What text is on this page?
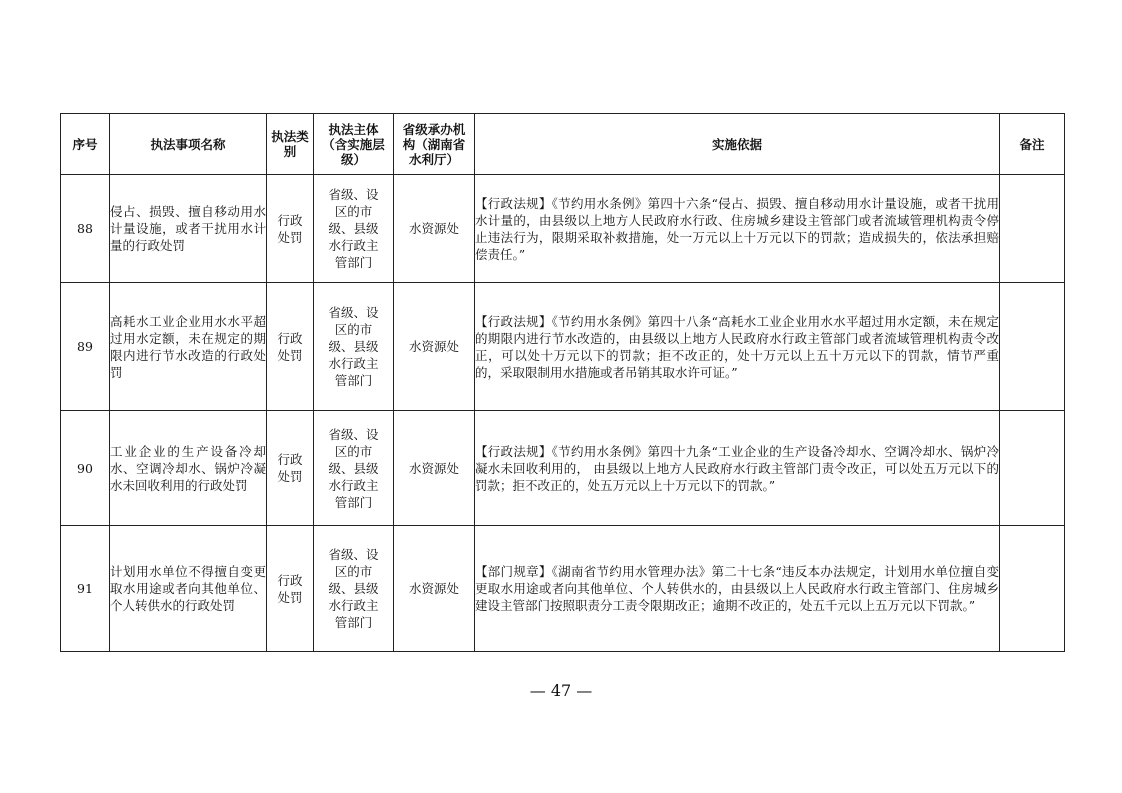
序号	执法事项名称	执法类别	执法主体（含实施层级）	省级承办机构（湖南省水利厅）	实施依据	备注
88	侵占、损毁、擅自移动用水计量设施，或者干扰用水计量的行政处罚	行政处罚	省级、设区的市级、县级水行政主管部门	水资源处	【行政法规】《节约用水条例》第四十六条“侵占、损毁、擅自移动用水计量设施，或者干扰用水计量的，由县级以上地方人民政府水行政、住房城乡建设主管部门或者流域管理机构责令停止违法行为，限期采取补救措施，处一万元以上十万元以下的罚款；造成损失的，依法承担赔偿责任。”	
89	高耗水工业企业用水水平超过用水定额，未在规定的期限内进行节水改造的行政处罚	行政处罚	省级、设区的市级、县级水行政主管部门	水资源处	【行政法规】《节约用水条例》第四十八条“高耗水工业企业用水水平超过用水定额，未在规定的期限内进行节水改造的，由县级以上地方人民政府水行政主管部门或者流域管理机构责令改正，可以处十万元以下的罚款；拒不改正的，处十万元以上五十万元以下的罚款，情节严重的，采取限制用水措施或者吊销其取水许可证。”	
90	工业企业的生产设备冷却水、空调冷却水、锅炉冷凝水未回收利用的行政处罚	行政处罚	省级、设区的市级、县级水行政主管部门	水资源处	【行政法规】《节约用水条例》第四十九条“工业企业的生产设备冷却水、空调冷却水、锅炉冷凝水未回收利用的， 由县级以上地方人民政府水行政主管部门责令改正，可以处五万元以下的罚款；拒不改正的，处五万元以上十万元以下的罚款。”	
91	计划用水单位不得擅自变更取水用途或者向其他单位、个人转供水的行政处罚	行政处罚	省级、设区的市级、县级水行政主管部门	水资源处	【部门规章】《湖南省节约用水管理办法》第二十七条“违反本办法规定，计划用水单位擅自变更取水用途或者向其他单位、个人转供水的，由县级以上人民政府水行政主管部门、住房城乡建设主管部门按照职责分工责令限期改正；逾期不改正的，处五千元以上五万元以下罚款。”	
— 47 —
